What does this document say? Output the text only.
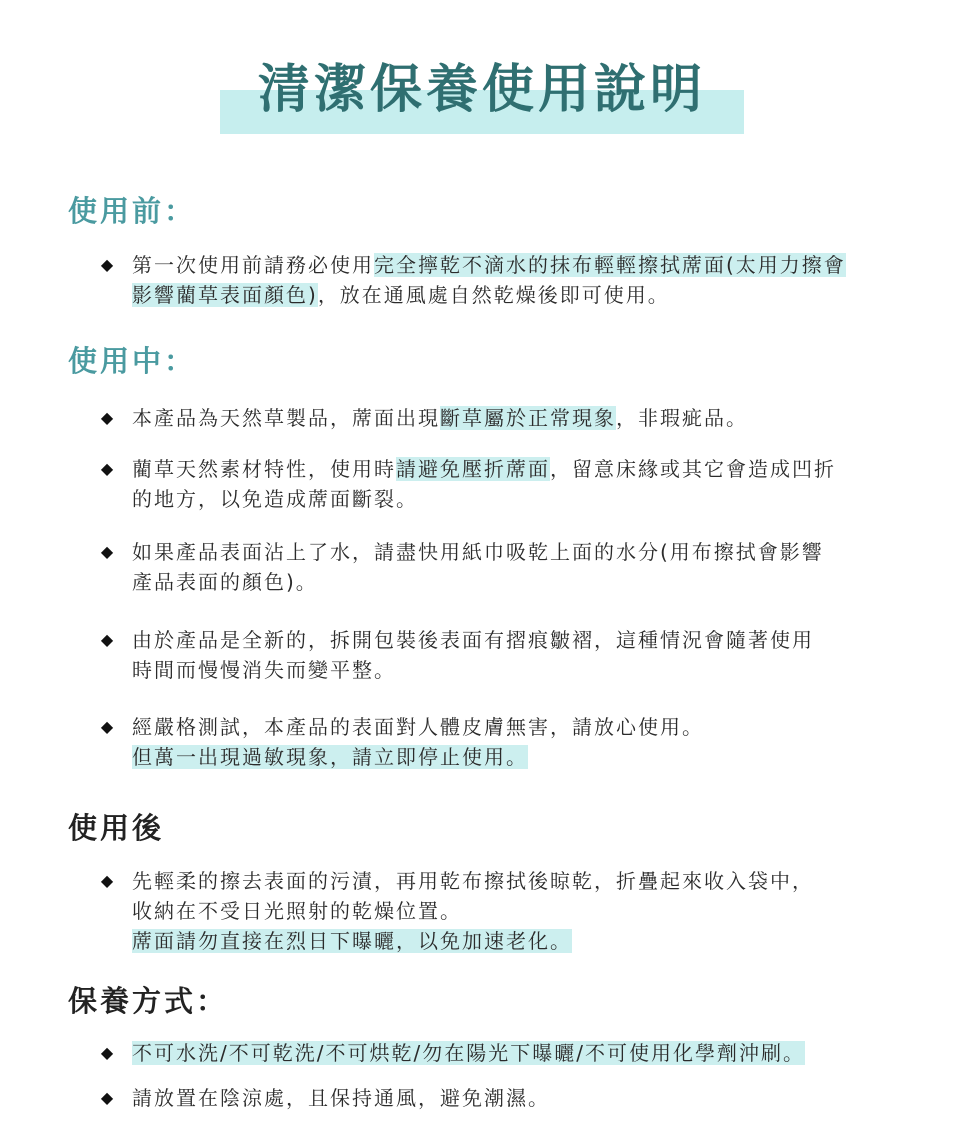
清潔保養使用說明
使用前：
◆ 第一次使用前請務必使用完全擰乾不滴水的抹布輕輕擦拭蓆面(太用力擦會
影響藺草表面顏色)，放在通風處自然乾燥後即可使用。
使用中：
◆ 本產品為天然草製品，蓆面出現斷草屬於正常現象，非瑕疵品。
◆ 藺草天然素材特性，使用時請避免壓折蓆面，留意床緣或其它會造成凹折
的地方，以免造成蓆面斷裂。
◆ 如果產品表面沾上了水，請盡快用紙巾吸乾上面的水分(用布擦拭會影響
產品表面的顏色)。
◆ 由於產品是全新的，拆開包裝後表面有摺痕皺褶，這種情況會隨著使用
時間而慢慢消失而變平整。
◆ 經嚴格測試，本產品的表面對人體皮膚無害，請放心使用。
但萬一出現過敏現象，請立即停止使用。
使用後
◆ 先輕柔的擦去表面的污漬，再用乾布擦拭後晾乾，折疊起來收入袋中，
收納在不受日光照射的乾燥位置。
蓆面請勿直接在烈日下曝曬，以免加速老化。
保養方式：
◆ 不可水洗/不可乾洗/不可烘乾/勿在陽光下曝曬/不可使用化學劑沖刷。
◆ 請放置在陰涼處，且保持通風，避免潮濕。
